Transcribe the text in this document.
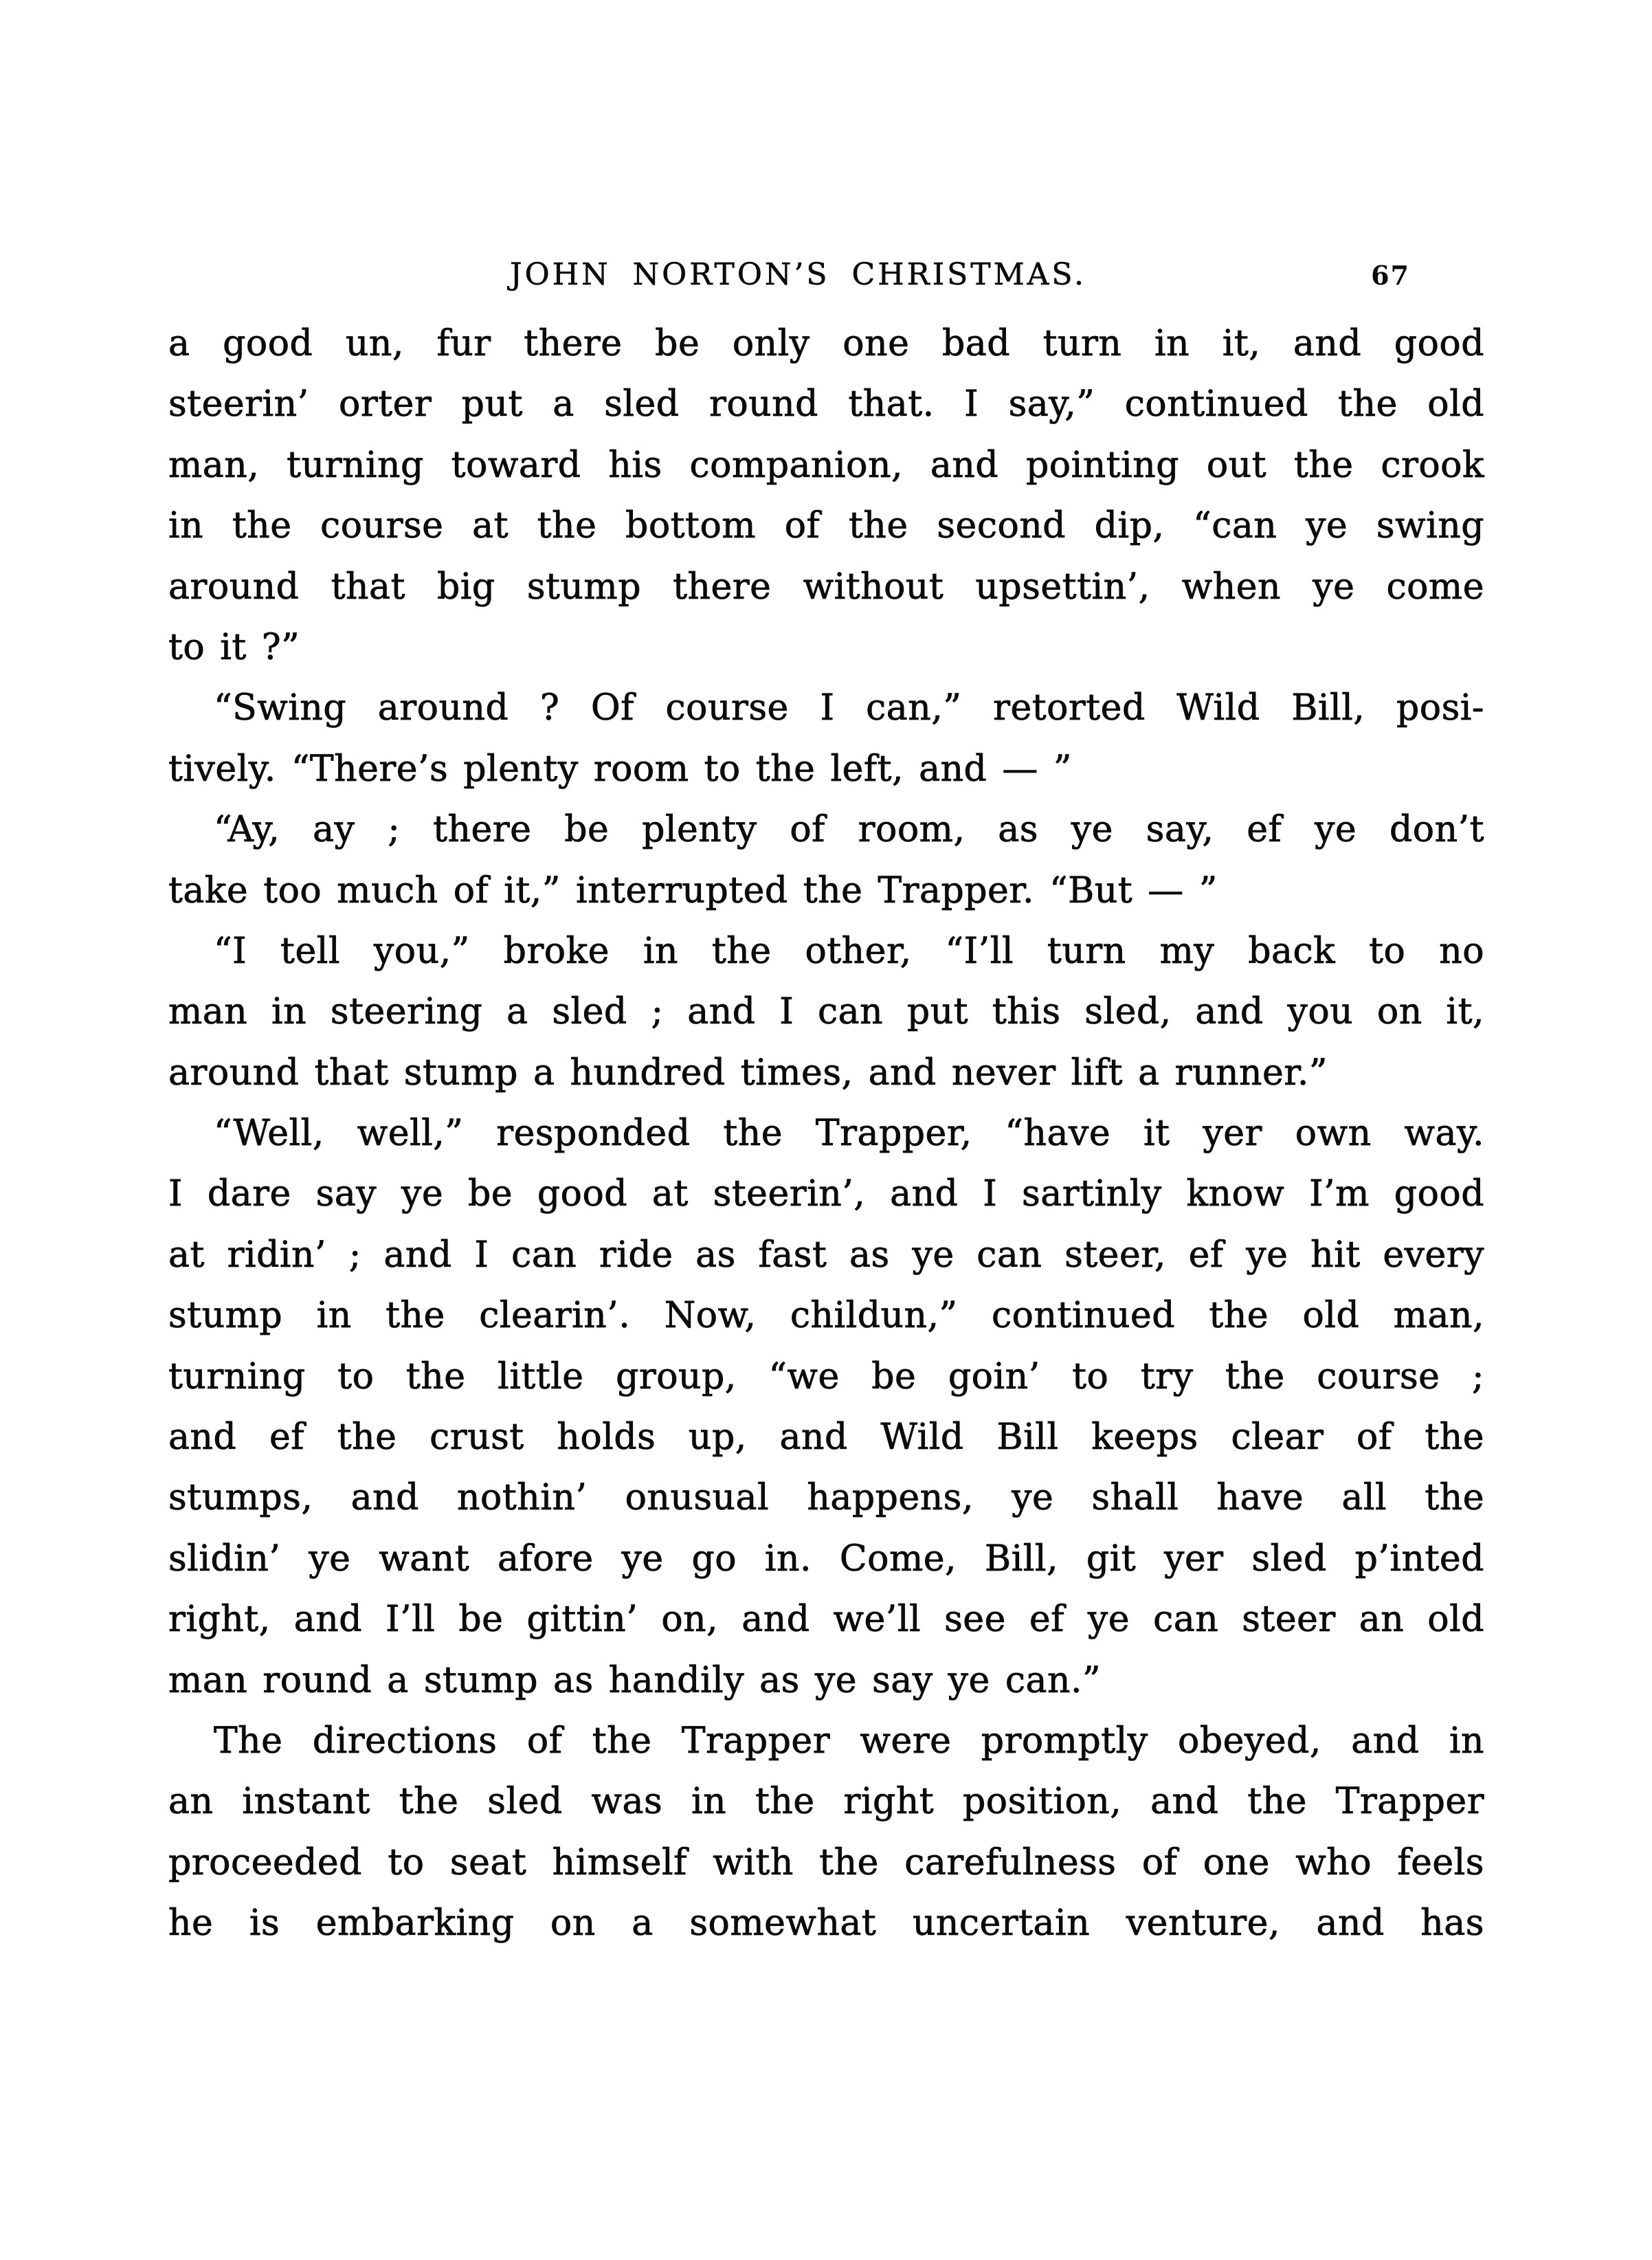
JOHN NORTON’S CHRISTMAS.	67
a good un, fur there be only one bad turn in it, and good
steerin’ orter put a sled round that. I say,” continued the old
man, turning toward his companion, and pointing out the crook
in the course at the bottom of the second dip, “can ye swing
around that big stump there without upsettin’, when ye come
to it ?”
“Swing around ? Of course I can,” retorted Wild Bill, posi-
tively. “There’s plenty room to the left, and — ”
“Ay, ay ; there be plenty of room, as ye say, ef ye don’t
take too much of it,” interrupted the Trapper. “But — ”
“I tell you,” broke in the other, “I’ll turn my back to no
man in steering a sled ; and I can put this sled, and you on it,
around that stump a hundred times, and never lift a runner.”
“Well, well,” responded the Trapper, “have it yer own way.
I dare say ye be good at steerin’, and I sartinly know I’m good
at ridin’ ; and I can ride as fast as ye can steer, ef ye hit every
stump in the clearin’. Now, childun,” continued the old man,
turning to the little group, “we be goin’ to try the course ;
and ef the crust holds up, and Wild Bill keeps clear of the
stumps, and nothin’ onusual happens, ye shall have all the
slidin’ ye want afore ye go in. Come, Bill, git yer sled p’inted
right, and I’ll be gittin’ on, and we’ll see ef ye can steer an old
man round a stump as handily as ye say ye can.”
The directions of the Trapper were promptly obeyed, and in
an instant the sled was in the right position, and the Trapper
proceeded to seat himself with the carefulness of one who feels
he is embarking on a somewhat uncertain venture, and has
